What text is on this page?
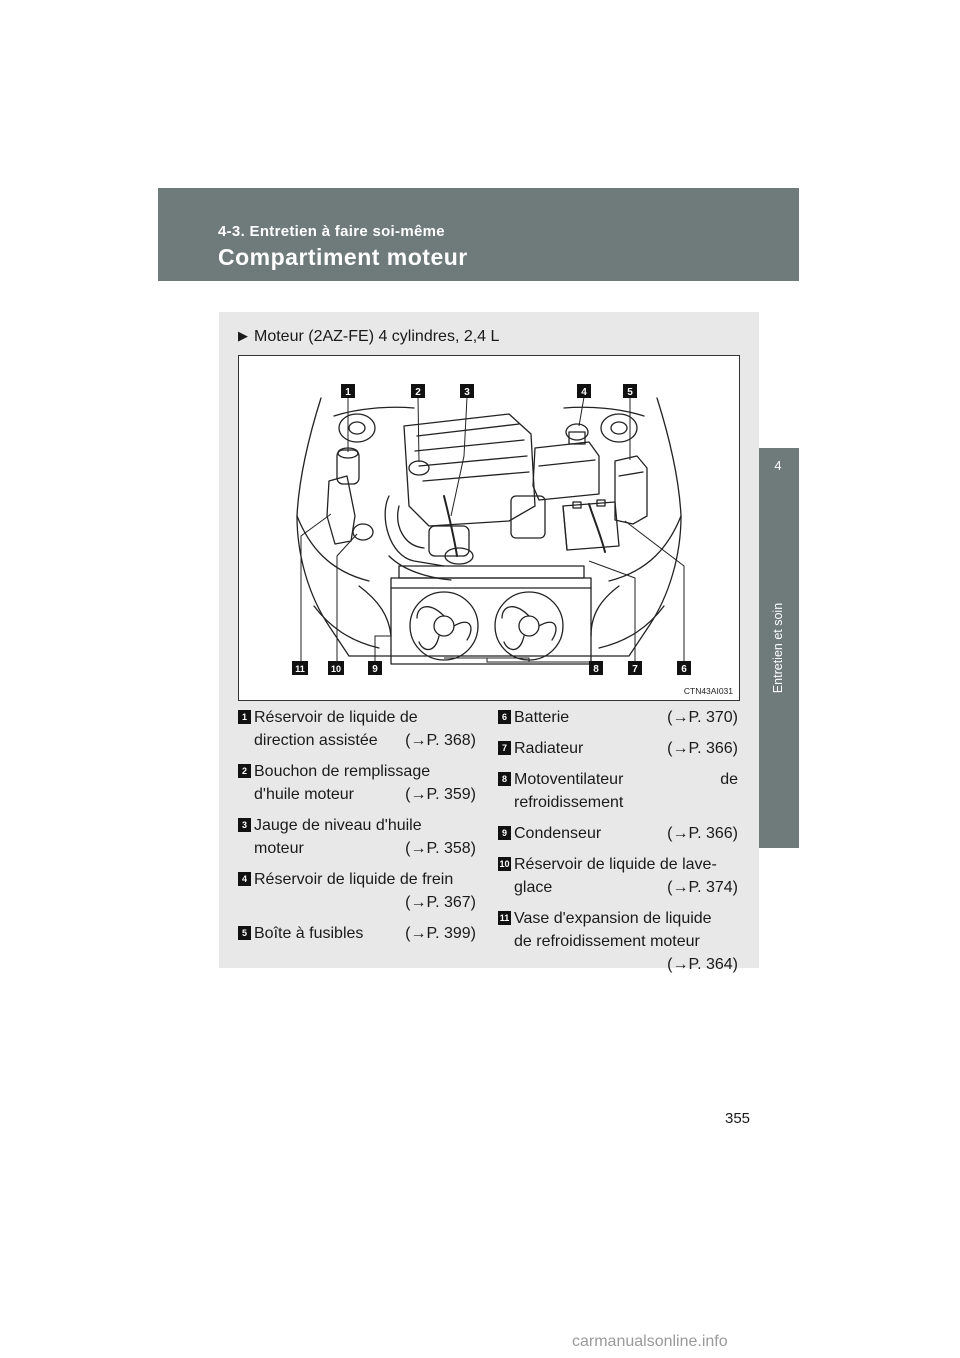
4-3. Entretien à faire soi-même
Compartiment moteur
4
Entretien et soin
▶ Moteur (2AZ-FE) 4 cylindres, 2,4 L
1	2	3	4	5
6
7
8
9
10
11
CTN43AI031
1 Réservoir de liquide de
direction assistée (→P. 368)
2 Bouchon de remplissage
d'huile moteur	(→P. 359)
3 Jauge de niveau d'huile
moteur	(→P. 358)
4 Réservoir de liquide de frein
(→P. 367)
5 Boîte à fusibles	(→P. 399)
6 Batterie	(→P. 370)
7 Radiateur	(→P. 366)
8 Motoventilateur de
refroidissement
9 Condenseur	(→P. 366)
10 Réservoir de liquide de lave-
glace	(→P. 374)
11 Vase d'expansion de liquide
de refroidissement moteur
(→P. 364)
355
carmanualsonline.info
